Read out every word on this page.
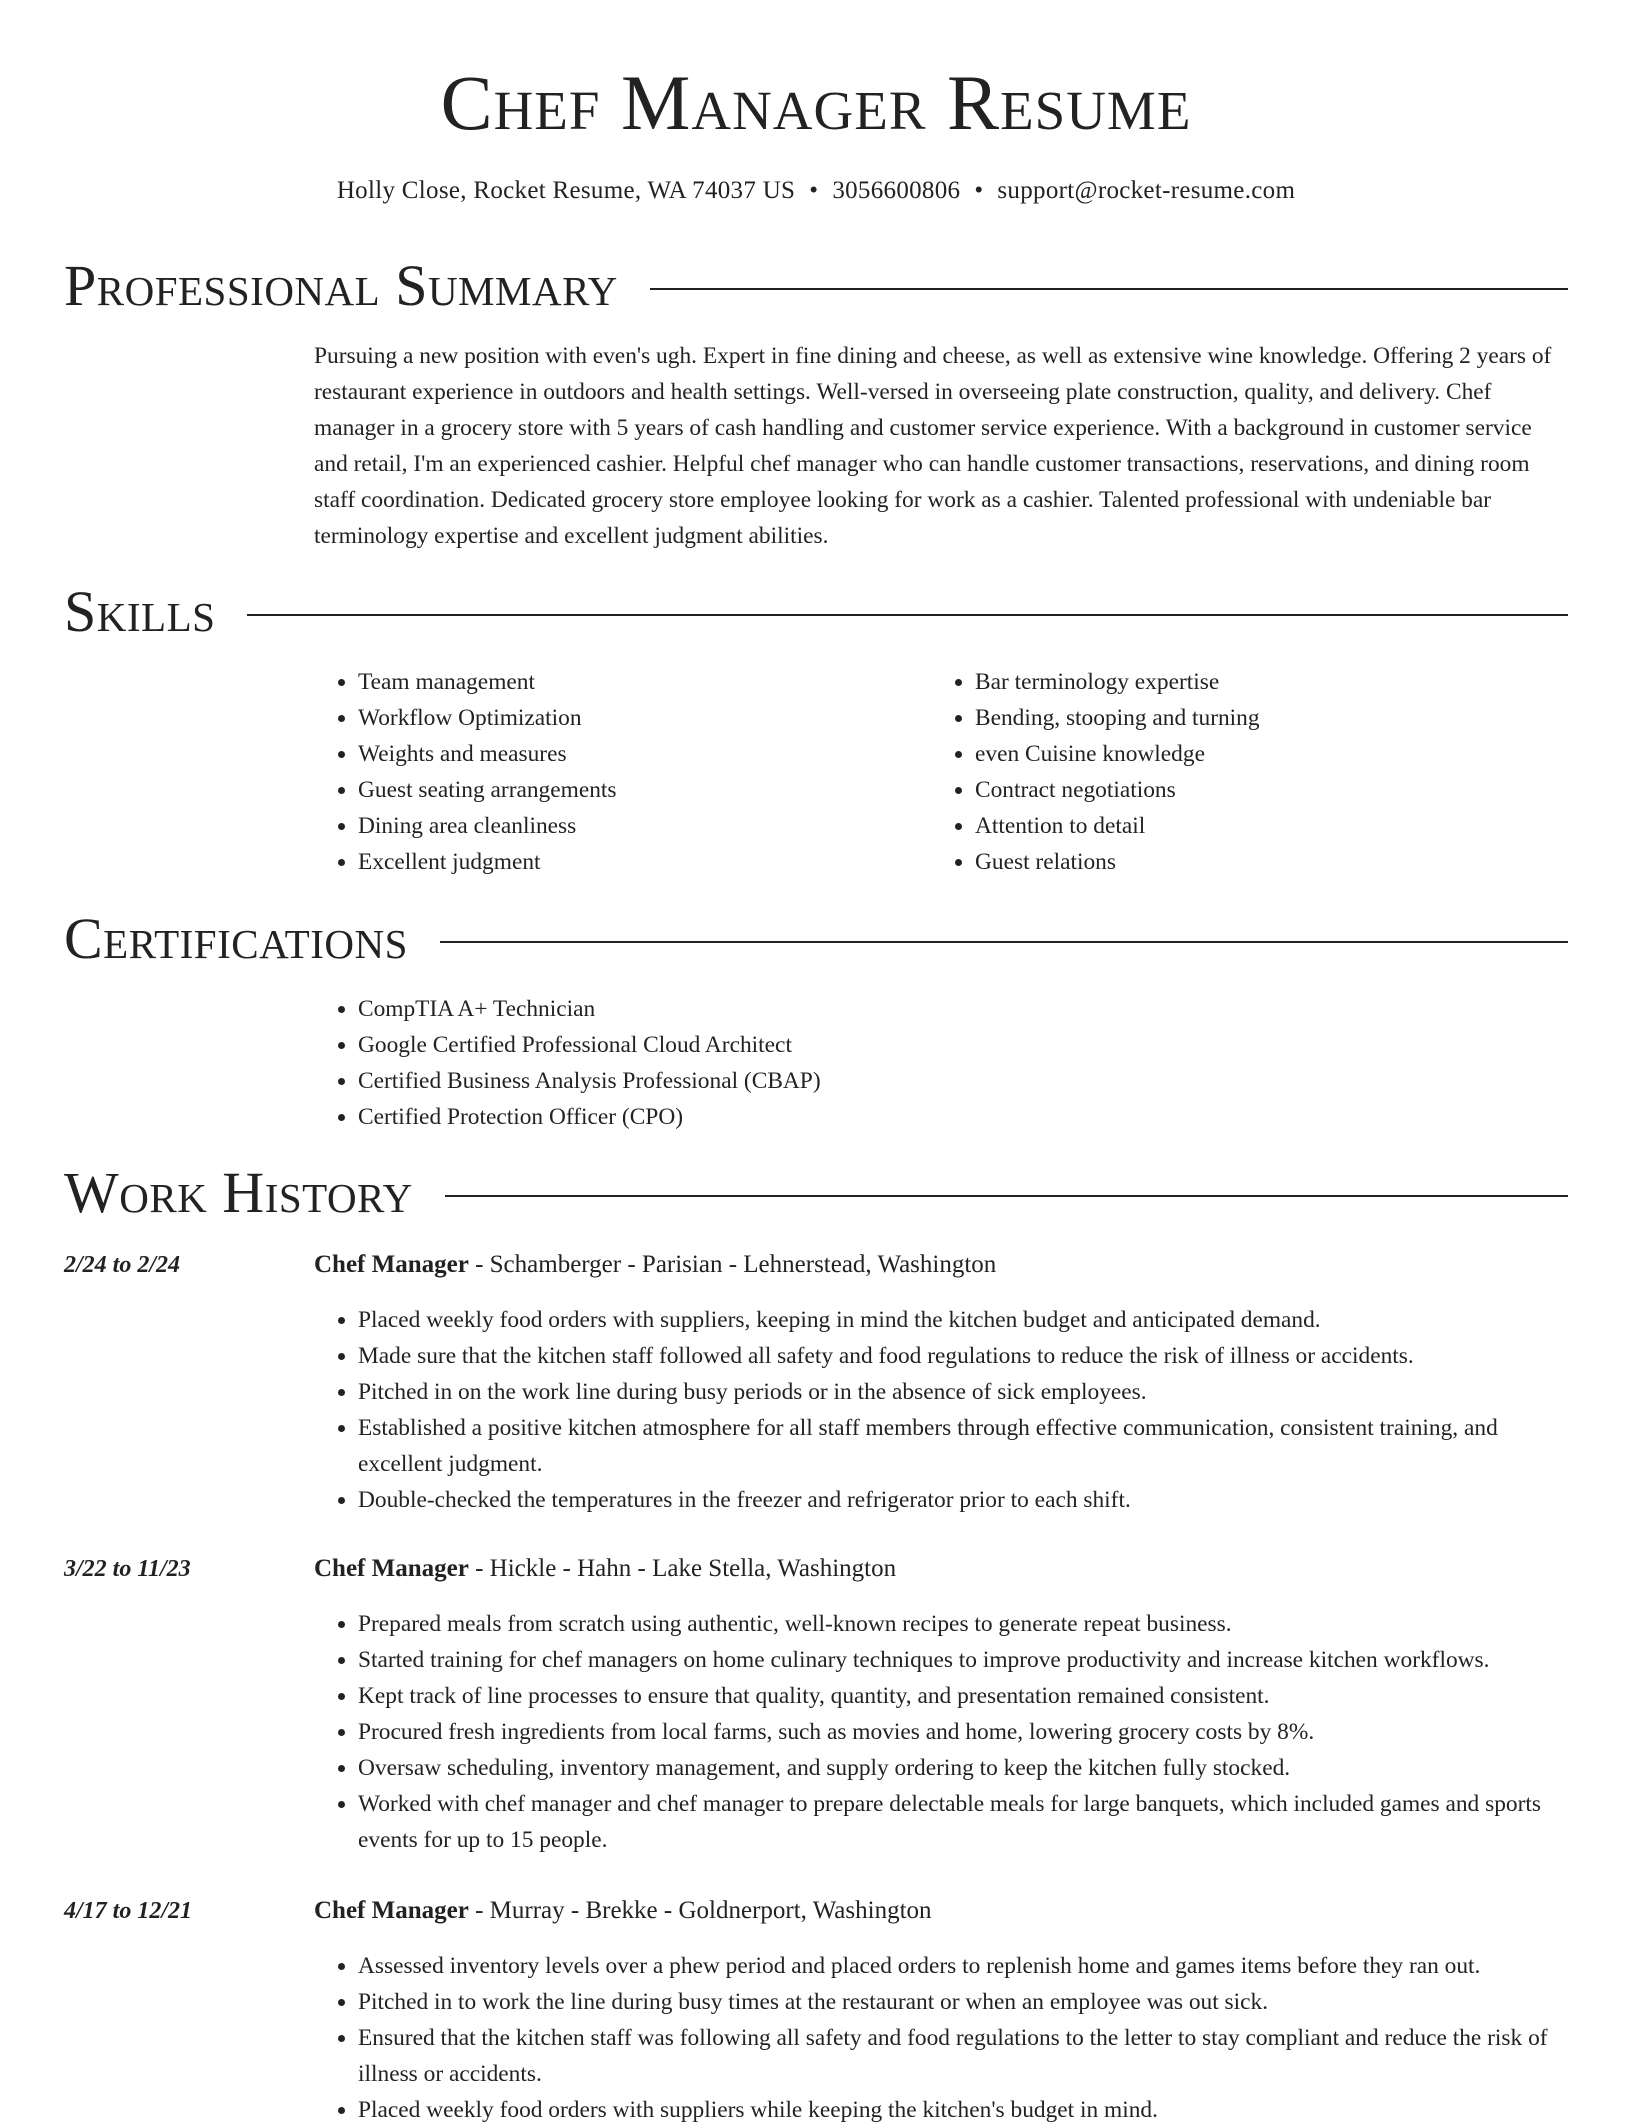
Chef Manager Resume
Holly Close, Rocket Resume, WA 74037 US • 3056600806 • support@rocket-resume.com
Professional Summary

Pursuing a new position with even's ugh. Expert in fine dining and cheese, as well as extensive wine knowledge. Offering 2 years of restaurant experience in outdoors and health settings. Well-versed in overseeing plate construction, quality, and delivery. Chef manager in a grocery store with 5 years of cash handling and customer service experience. With a background in customer service and retail, I'm an experienced cashier. Helpful chef manager who can handle customer transactions, reservations, and dining room staff coordination. Dedicated grocery store employee looking for work as a cashier. Talented professional with undeniable bar terminology expertise and excellent judgment abilities.

Skills
• Team management
• Workflow Optimization
• Weights and measures
• Guest seating arrangements
• Dining area cleanliness
• Excellent judgment
• Bar terminology expertise
• Bending, stooping and turning
• even Cuisine knowledge
• Contract negotiations
• Attention to detail
• Guest relations
Certifications
• CompTIA A+ Technician
• Google Certified Professional Cloud Architect
• Certified Business Analysis Professional (CBAP)
• Certified Protection Officer (CPO)
Work History
2/24 to 2/24	Chef Manager - Schamberger - Parisian - Lehnerstead, Washington
• Placed weekly food orders with suppliers, keeping in mind the kitchen budget and anticipated demand.
• Made sure that the kitchen staff followed all safety and food regulations to reduce the risk of illness or accidents.
• Pitched in on the work line during busy periods or in the absence of sick employees.
• Established a positive kitchen atmosphere for all staff members through effective communication, consistent training, and excellent judgment.
• Double-checked the temperatures in the freezer and refrigerator prior to each shift.
3/22 to 11/23	Chef Manager - Hickle - Hahn - Lake Stella, Washington
• Prepared meals from scratch using authentic, well-known recipes to generate repeat business.
• Started training for chef managers on home culinary techniques to improve productivity and increase kitchen workflows.
• Kept track of line processes to ensure that quality, quantity, and presentation remained consistent.
• Procured fresh ingredients from local farms, such as movies and home, lowering grocery costs by 8%.
• Oversaw scheduling, inventory management, and supply ordering to keep the kitchen fully stocked.
• Worked with chef manager and chef manager to prepare delectable meals for large banquets, which included games and sports events for up to 15 people.
4/17 to 12/21	Chef Manager - Murray - Brekke - Goldnerport, Washington
• Assessed inventory levels over a phew period and placed orders to replenish home and games items before they ran out.
• Pitched in to work the line during busy times at the restaurant or when an employee was out sick.
• Ensured that the kitchen staff was following all safety and food regulations to the letter to stay compliant and reduce the risk of illness or accidents.
• Placed weekly food orders with suppliers while keeping the kitchen's budget in mind.
